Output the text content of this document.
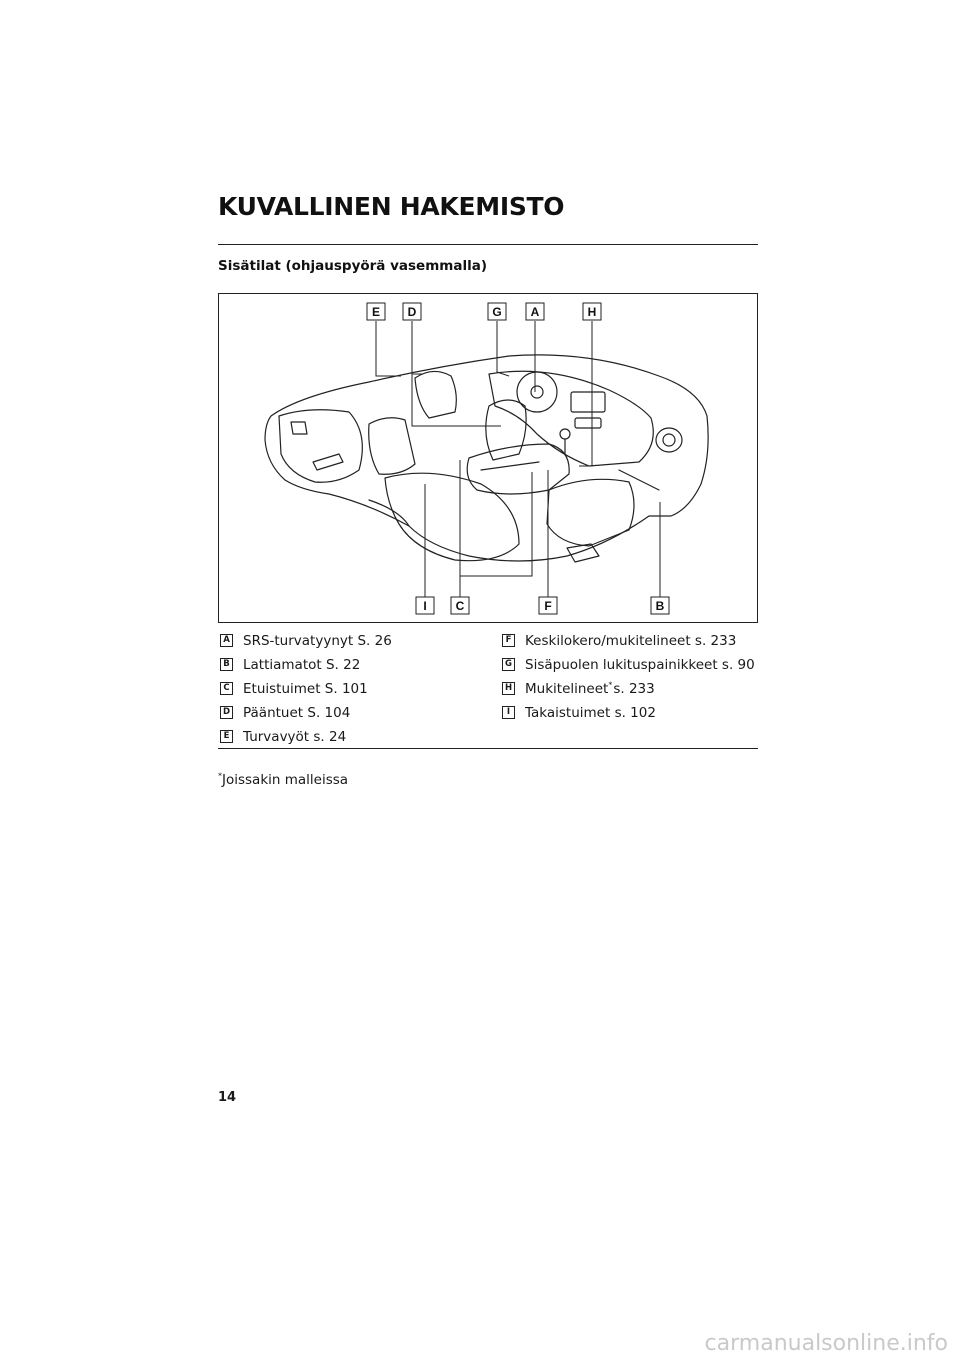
KUVALLINEN HAKEMISTO
Sisätilat (ohjauspyörä vasemmalla)
E D	G A	H
I C	F	B
A SRS-turvatyynyt S. 26
B Lattiamatot S. 22
C Etuistuimet S. 101
D Pääntuet S. 104
E Turvavyöt s. 24
F Keskilokero/mukitelineet s. 233
G Sisäpuolen lukituspainikkeet s. 90
H Mukitelineet*s. 233
I Takaistuimet s. 102
*Joissakin malleissa
14
carmanualsonline.info
